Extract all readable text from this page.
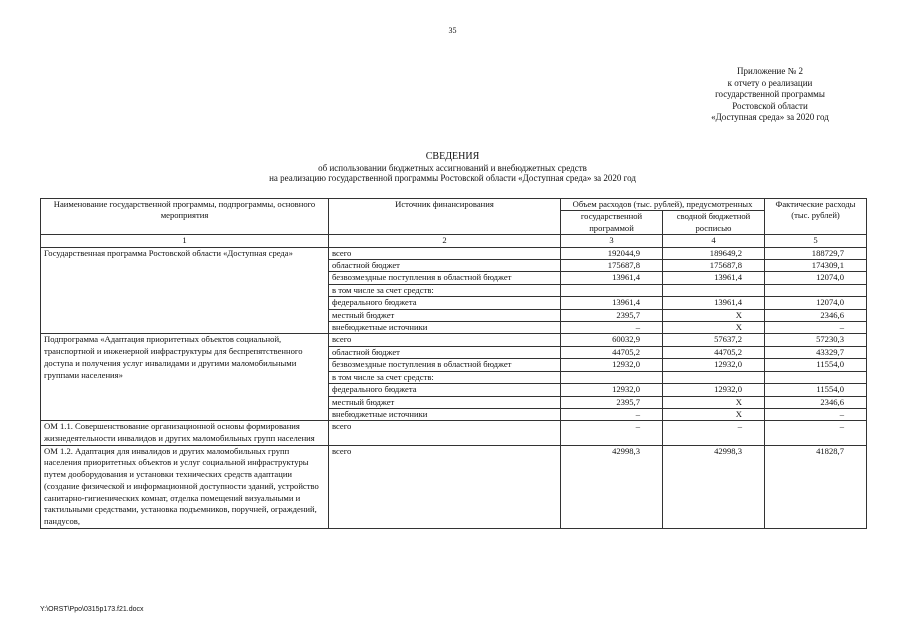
35
Приложение № 2
к отчету о реализации
государственной программы
Ростовской области
«Доступная среда» за 2020 год
СВЕДЕНИЯ
об использовании бюджетных ассигнований и внебюджетных средств
на реализацию государственной программы Ростовской области «Доступная среда» за 2020 год
Наименование государственной программы, подпрограммы, основного мероприятия	Источник финансирования	Объем расходов (тыс. рублей), предусмотренных		Фактические расходы (тыс. рублей)
		государственной программой	сводной бюджетной росписью	
1	2	3	4	5
Государственная программа Ростовской области «Доступная среда»	всего	192044,9	189649,2	188729,7
	областной бюджет	175687,8	175687,8	174309,1
	безвозмездные поступления в областной бюджет	13961,4	13961,4	12074,0
	в том числе за счет средств:			
	федерального бюджета	13961,4	13961,4	12074,0
	местный бюджет	2395,7	Х	2346,6
	внебюджетные источники	–	Х	–
Подпрограмма «Адаптация приоритетных объектов социальной, транспортной и инженерной инфраструктуры для беспрепятственного доступа и получения услуг инвалидами и другими маломобильными группами населения»	всего	60032,9	57637,2	57230,3
	областной бюджет	44705,2	44705,2	43329,7
	безвозмездные поступления в областной бюджет	12932,0	12932,0	11554,0
	в том числе за счет средств:			
	федерального бюджета	12932,0	12932,0	11554,0
	местный бюджет	2395,7	Х	2346,6
	внебюджетные источники	–	Х	–
ОМ 1.1. Совершенствование организационной основы формирования жизнедеятельности инвалидов и других маломобильных групп населения	всего	–	–	–
ОМ 1.2. Адаптация для инвалидов и других маломобильных групп населения приоритетных объектов и услуг социальной инфраструктуры путем дооборудования и установки технических средств адаптации (создание физической и информационной доступности зданий, устройство санитарно-гигиенических комнат, отделка помещений визуальными и тактильными средствами, установка подъемников, поручней, ограждений, пандусов,	всего	42998,3	42998,3	41828,7
Y:\ORST\Ppo\0315p173.f21.docx
